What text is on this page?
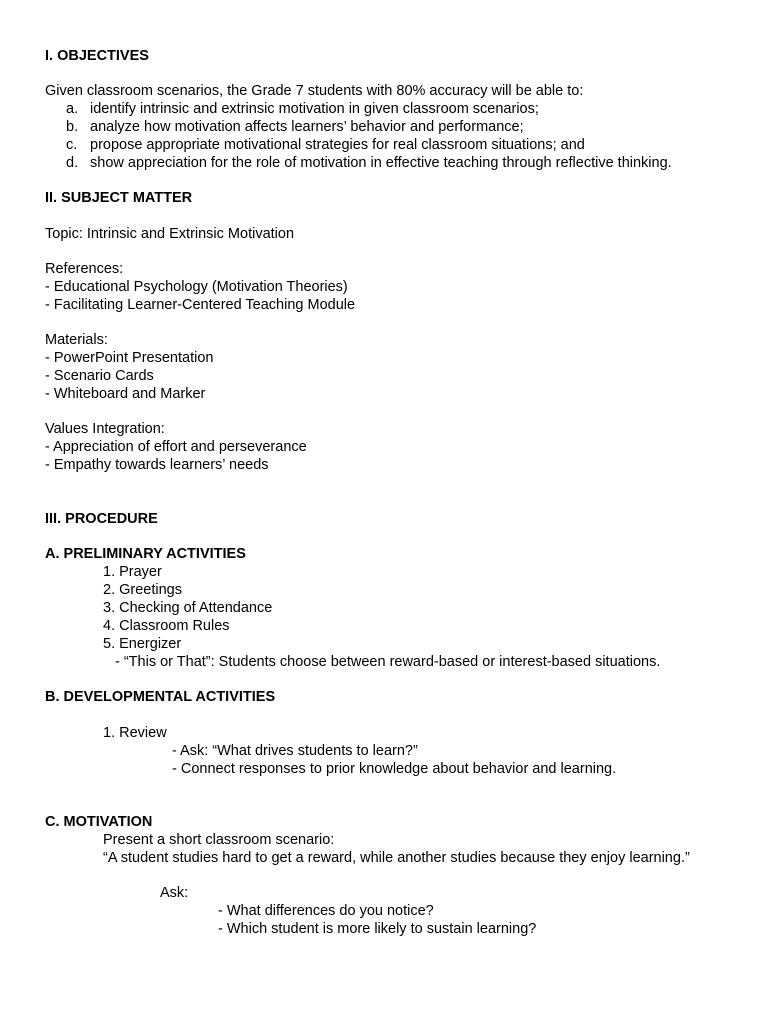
I. OBJECTIVES
Given classroom scenarios, the Grade 7 students with 80% accuracy will be able to:
a. identify intrinsic and extrinsic motivation in given classroom scenarios;
b. analyze how motivation affects learners’ behavior and performance;
c. propose appropriate motivational strategies for real classroom situations; and
d. show appreciation for the role of motivation in effective teaching through reflective thinking.
II. SUBJECT MATTER
Topic: Intrinsic and Extrinsic Motivation
References:
- Educational Psychology (Motivation Theories)
- Facilitating Learner-Centered Teaching Module
Materials:
- PowerPoint Presentation
- Scenario Cards
- Whiteboard and Marker
Values Integration:
- Appreciation of effort and perseverance
- Empathy towards learners’ needs
III. PROCEDURE
A. PRELIMINARY ACTIVITIES
1. Prayer
2. Greetings
3. Checking of Attendance
4. Classroom Rules
5. Energizer
- “This or That”: Students choose between reward-based or interest-based situations.
B. DEVELOPMENTAL ACTIVITIES
1. Review
- Ask: “What drives students to learn?”
- Connect responses to prior knowledge about behavior and learning.
C. MOTIVATION
Present a short classroom scenario:
“A student studies hard to get a reward, while another studies because they enjoy learning.”
Ask:
- What differences do you notice?
- Which student is more likely to sustain learning?
